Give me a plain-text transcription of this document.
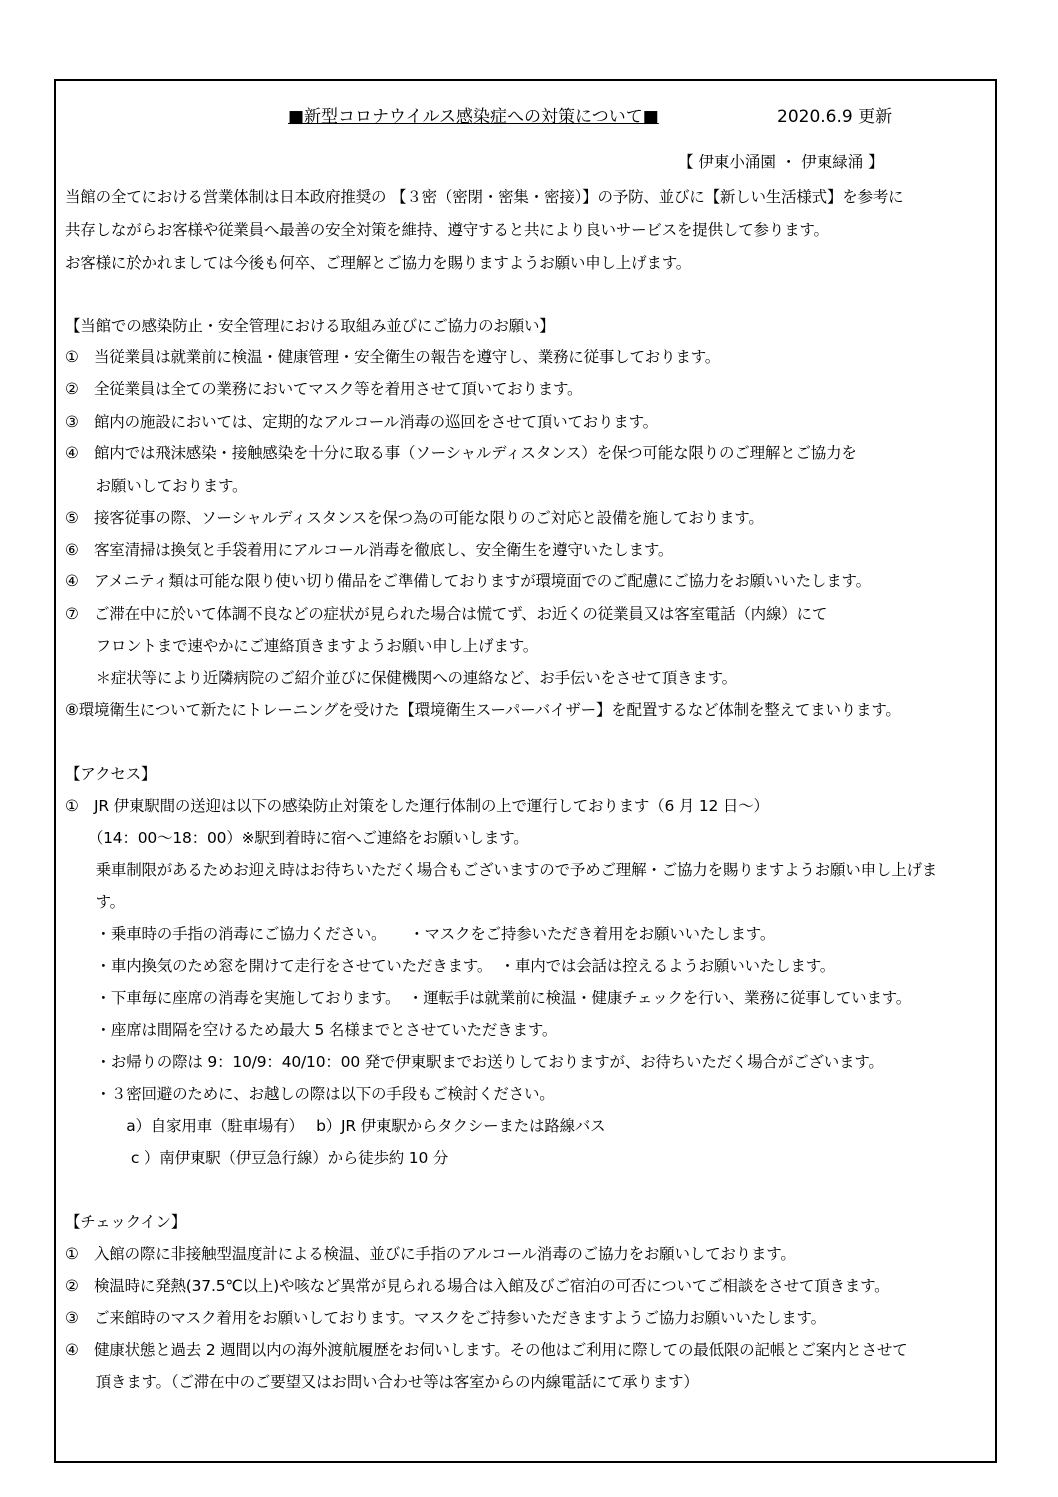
■新型コロナウイルス感染症への対策について■	2020.6.9 更新
【 伊東小涌園 ・ 伊東緑涌 】
当館の全てにおける営業体制は日本政府推奨の 【３密（密閉・密集・密接）】の予防、並びに【新しい生活様式】を参考に
共存しながらお客様や従業員へ最善の安全対策を維持、遵守すると共により良いサービスを提供して参ります。
お客様に於かれましては今後も何卒、ご理解とご協力を賜りますようお願い申し上げます。
【当館での感染防止・安全管理における取組み並びにご協力のお願い】
①　当従業員は就業前に検温・健康管理・安全衛生の報告を遵守し、業務に従事しております。
②　全従業員は全ての業務においてマスク等を着用させて頂いております。
③　館内の施設においては、定期的なアルコール消毒の巡回をさせて頂いております。
④　館内では飛沫感染・接触感染を十分に取る事（ソーシャルディスタンス）を保つ可能な限りのご理解とご協力を
　　お願いしております。
⑤　接客従事の際、ソーシャルディスタンスを保つ為の可能な限りのご対応と設備を施しております。
⑥　客室清掃は換気と手袋着用にアルコール消毒を徹底し、安全衛生を遵守いたします。
④　アメニティ類は可能な限り使い切り備品をご準備しておりますが環境面でのご配慮にご協力をお願いいたします。
⑦　ご滞在中に於いて体調不良などの症状が見られた場合は慌てず、お近くの従業員又は客室電話（内線）にて
　　フロントまで速やかにご連絡頂きますようお願い申し上げます。
　　＊症状等により近隣病院のご紹介並びに保健機関への連絡など、お手伝いをさせて頂きます。
⑧環境衛生について新たにトレーニングを受けた【環境衛生スーパーバイザー】を配置するなど体制を整えてまいります。
【アクセス】
①　JR 伊東駅間の送迎は以下の感染防止対策をした運行体制の上で運行しております（6 月 12 日～）
　　（14：00～18：00）※駅到着時に宿へご連絡をお願いします。
　　乗車制限があるためお迎え時はお待ちいただく場合もございますので予めご理解・ご協力を賜りますようお願い申し上げま
　　す。
　　・乗車時の手指の消毒にご協力ください。　　・マスクをご持参いただき着用をお願いいたします。
　　・車内換気のため窓を開けて走行をさせていただきます。　・車内では会話は控えるようお願いいたします。
　　・下車毎に座席の消毒を実施しております。　・運転手は就業前に検温・健康チェックを行い、業務に従事しています。
　　・座席は間隔を空けるため最大 5 名様までとさせていただきます。
　　・お帰りの際は 9：10/9：40/10：00 発で伊東駅までお送りしておりますが、お待ちいただく場合がございます。
　　・３密回避のために、お越しの際は以下の手段もご検討ください。
　　　　a）自家用車（駐車場有）　 b）JR 伊東駅からタクシーまたは路線バス
　　　　 c ）南伊東駅（伊豆急行線）から徒歩約 10 分
【チェックイン】
①　入館の際に非接触型温度計による検温、並びに手指のアルコール消毒のご協力をお願いしております。
②　検温時に発熱(37.5℃以上)や咳など異常が見られる場合は入館及びご宿泊の可否についてご相談をさせて頂きます。
③　ご来館時のマスク着用をお願いしております。マスクをご持参いただきますようご協力お願いいたします。
④　健康状態と過去 2 週間以内の海外渡航履歴をお伺いします。その他はご利用に際しての最低限の記帳とご案内とさせて
　　頂きます。（ご滞在中のご要望又はお問い合わせ等は客室からの内線電話にて承ります）
